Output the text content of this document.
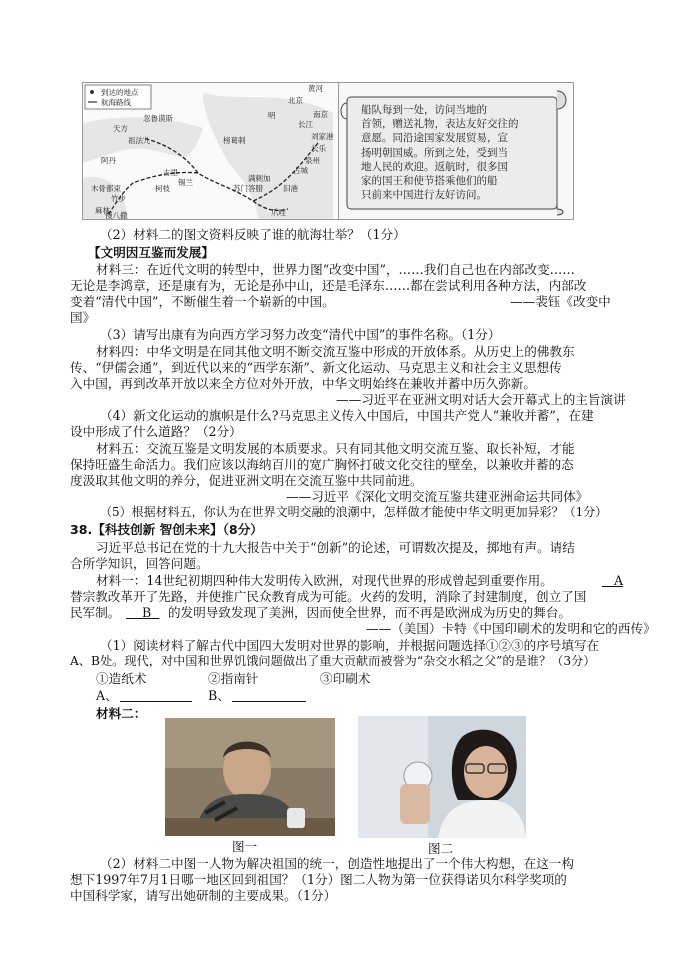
到达的地点
航海路线
明
黄河
北京
南京
长江
刘家港
泉州
长乐
苏门答腊
爪哇
满剌加
锡兰
古里
忽鲁谟斯
柯枝	旧港
占城
木骨都束
麻林
慢八撒
竹步
天方
祖法儿
阿丹
榜葛剌
船队每到一处，访问当地的
首领，赠送礼物，表达友好交往的
意愿。同沿途国家发展贸易，宣
扬明朝国威。所到之处，受到当
地人民的欢迎。返航时，很多国
家的国王和使节搭乘他们的船
只前来中国进行友好访问。
（2）材料二的图文资料反映了谁的航海壮举？（1分）
【文明因互鉴而发展】
材料三：在近代文明的转型中，世界力图“改变中国”，……我们自己也在内部改变……
无论是李鸿章，还是康有为，无论是孙中山，还是毛泽东……都在尝试利用各种方法，内部改
变着“清代中国”，不断催生着一个崭新的中国。	——裴钰《改变中
国》
（3）请写出康有为向西方学习努力改变“清代中国”的事件名称。（1分）
材料四：中华文明是在同其他文明不断交流互鉴中形成的开放体系。从历史上的佛教东
传、“伊儒会通”，到近代以来的“西学东渐”、新文化运动、马克思主义和社会主义思想传
入中国，再到改革开放以来全方位对外开放，中华文明始终在兼收并蓄中历久弥新。
——习近平在亚洲文明对话大会开幕式上的主旨演讲
（4）新文化运动的旗帜是什么?马克思主义传入中国后，中国共产党人“兼收并蓄”，在建
设中形成了什么道路？（2分）
材料五：交流互鉴是文明发展的本质要求。只有同其他文明交流互鉴、取长补短，才能
保持旺盛生命活力。我们应该以海纳百川的宽广胸怀打破文化交往的壁垒，以兼收并蓄的态
度汲取其他文明的养分，促进亚洲文明在交流互鉴中共同前进。
——习近平《深化文明交流互鉴共建亚洲命运共同体》
（5）根据材料五，你认为在世界文明交融的浪潮中，怎样做才能使中华文明更加异彩？（1分）
38.【科技创新 智创未来】（8分）
习近平总书记在党的十九大报告中关于“创新”的论述，可谓数次提及，掷地有声。请结
合所学知识，回答问题。
材料一：14世纪初期四种伟大发明传入欧洲，对现代世界的形成曾起到重要作用。	A
替宗教改革开了先路，并使推广民众教育成为可能。火药的发明，消除了封建制度，创立了国
民军制。	B	的发明导致发现了美洲，因而使全世界，而不再是欧洲成为历史的舞台。
——（美国）卡特《中国印刷术的发明和它的西传》
（1）阅读材料了解古代中国四大发明对世界的影响，并根据问题选择①②③的序号填写在
A、B处。现代，对中国和世界饥饿问题做出了重大贡献而被誉为“杂交水稻之父”的是谁？（3分）
①造纸术	②指南针	③印刷术
A、	B、
材料二：
图一	图二
（2）材料二中图一人物为解决祖国的统一，创造性地提出了一个伟大构想，在这一构
想下1997年7月1日哪一地区回到祖国？（1分）图二人物为第一位获得诺贝尔科学奖项的
中国科学家，请写出她研制的主要成果。（1分）
